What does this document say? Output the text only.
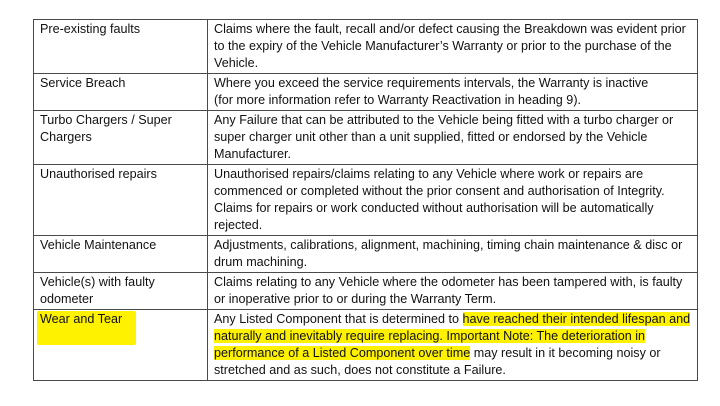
Pre-existing faults	Claims where the fault, recall and/or defect causing the Breakdown was evident prior to the expiry of the Vehicle Manufacturer’s Warranty or prior to the purchase of the Vehicle.
Service Breach	Where you exceed the service requirements intervals, the Warranty is inactive
(for more information refer to Warranty Reactivation in heading 9).

Turbo Chargers / Super Chargers	Any Failure that can be attributed to the Vehicle being fitted with a turbo charger or super charger unit other than a unit supplied, fitted or endorsed by the Vehicle Manufacturer.
Unauthorised repairs	Unauthorised repairs/claims relating to any Vehicle where work or repairs are commenced or completed without the prior consent and authorisation of Integrity. Claims for repairs or work conducted without authorisation will be automatically rejected.
Vehicle Maintenance	Adjustments, calibrations, alignment, machining, timing chain maintenance & disc or drum machining.
Vehicle(s) with faulty odometer	Claims relating to any Vehicle where the odometer has been tampered with, is faulty or inoperative prior to or during the Warranty Term.

Wear and Tear	Any Listed Component that is determined to have reached their intended lifespan and naturally and inevitably require replacing. Important Note: The deterioration in performance of a Listed Component over time may result in it becoming noisy or stretched and as such, does not constitute a Failure.
